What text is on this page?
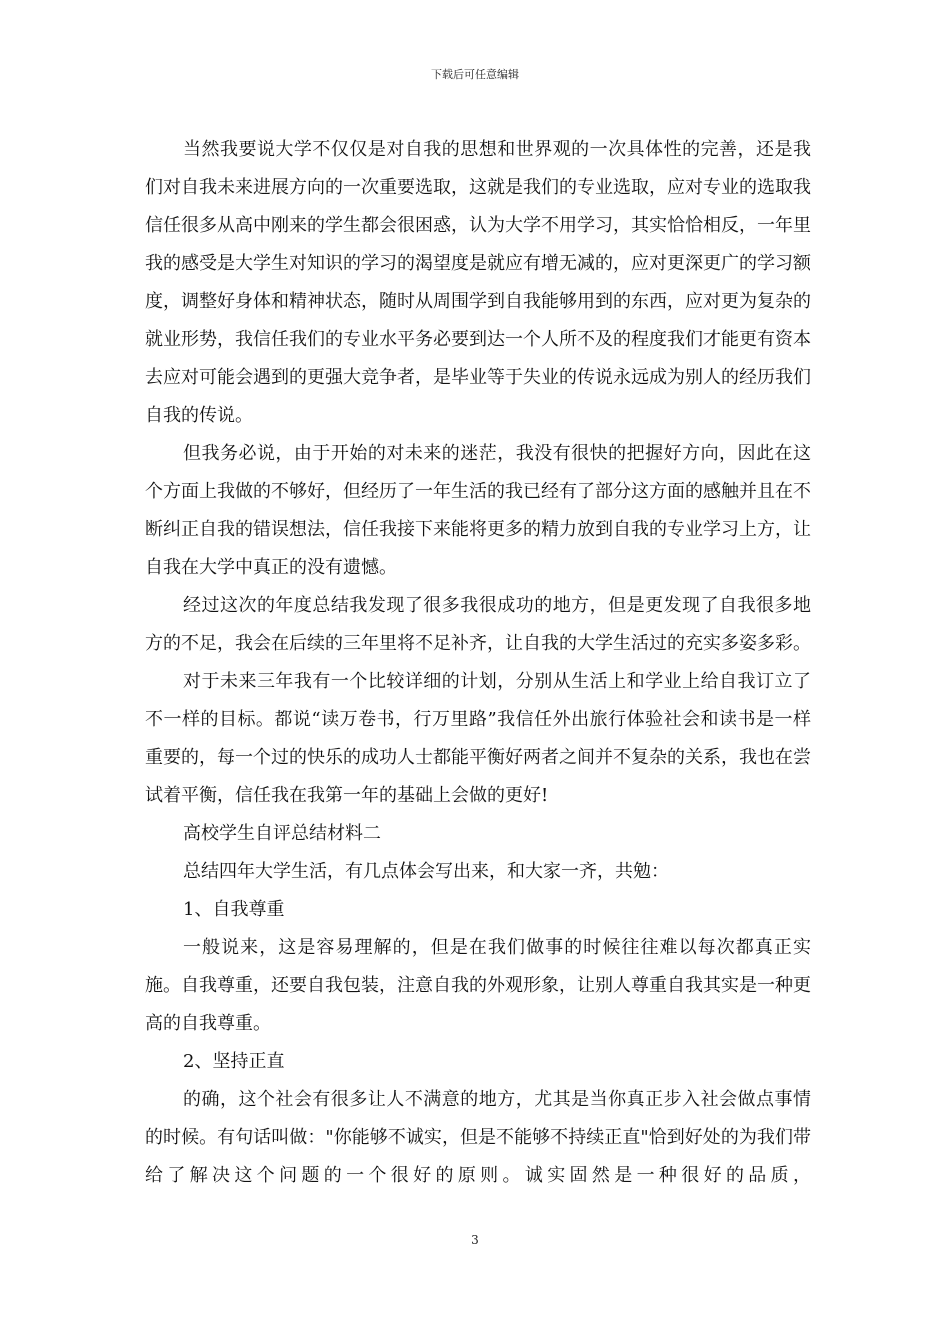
下载后可任意编辑

当然我要说大学不仅仅是对自我的思想和世界观的一次具体性的完善，还是我们对自我未来进展方向的一次重要选取，这就是我们的专业选取，应对专业的选取我信任很多从高中刚来的学生都会很困惑，认为大学不用学习，其实恰恰相反，一年里我的感受是大学生对知识的学习的渴望度是就应有增无减的，应对更深更广的学习额度，调整好身体和精神状态，随时从周围学到自我能够用到的东西，应对更为复杂的就业形势，我信任我们的专业水平务必要到达一个人所不及的程度我们才能更有资本去应对可能会遇到的更强大竞争者，是毕业等于失业的传说永远成为别人的经历我们自我的传说。

但我务必说，由于开始的对未来的迷茫，我没有很快的把握好方向，因此在这个方面上我做的不够好，但经历了一年生活的我已经有了部分这方面的感触并且在不断纠正自我的错误想法，信任我接下来能将更多的精力放到自我的专业学习上方，让自我在大学中真正的没有遗憾。

经过这次的年度总结我发现了很多我很成功的地方，但是更发现了自我很多地方的不足，我会在后续的三年里将不足补齐，让自我的大学生活过的充实多姿多彩。

对于未来三年我有一个比较详细的计划，分别从生活上和学业上给自我订立了不一样的目标。都说“读万卷书，行万里路”我信任外出旅行体验社会和读书是一样重要的，每一个过的快乐的成功人士都能平衡好两者之间并不复杂的关系，我也在尝试着平衡，信任我在我第一年的基础上会做的更好!

高校学生自评总结材料二

总结四年大学生活，有几点体会写出来，和大家一齐，共勉：

1、自我尊重

一般说来，这是容易理解的，但是在我们做事的时候往往难以每次都真正实施。自我尊重，还要自我包装，注意自我的外观形象，让别人尊重自我其实是一种更高的自我尊重。

2、坚持正直

的确，这个社会有很多让人不满意的地方，尤其是当你真正步入社会做点事情的时候。有句话叫做："你能够不诚实，但是不能够不持续正直"恰到好处的为我们带给了解决这个问题的一个很好的原则。诚实固然是一种很好的品质，

3
